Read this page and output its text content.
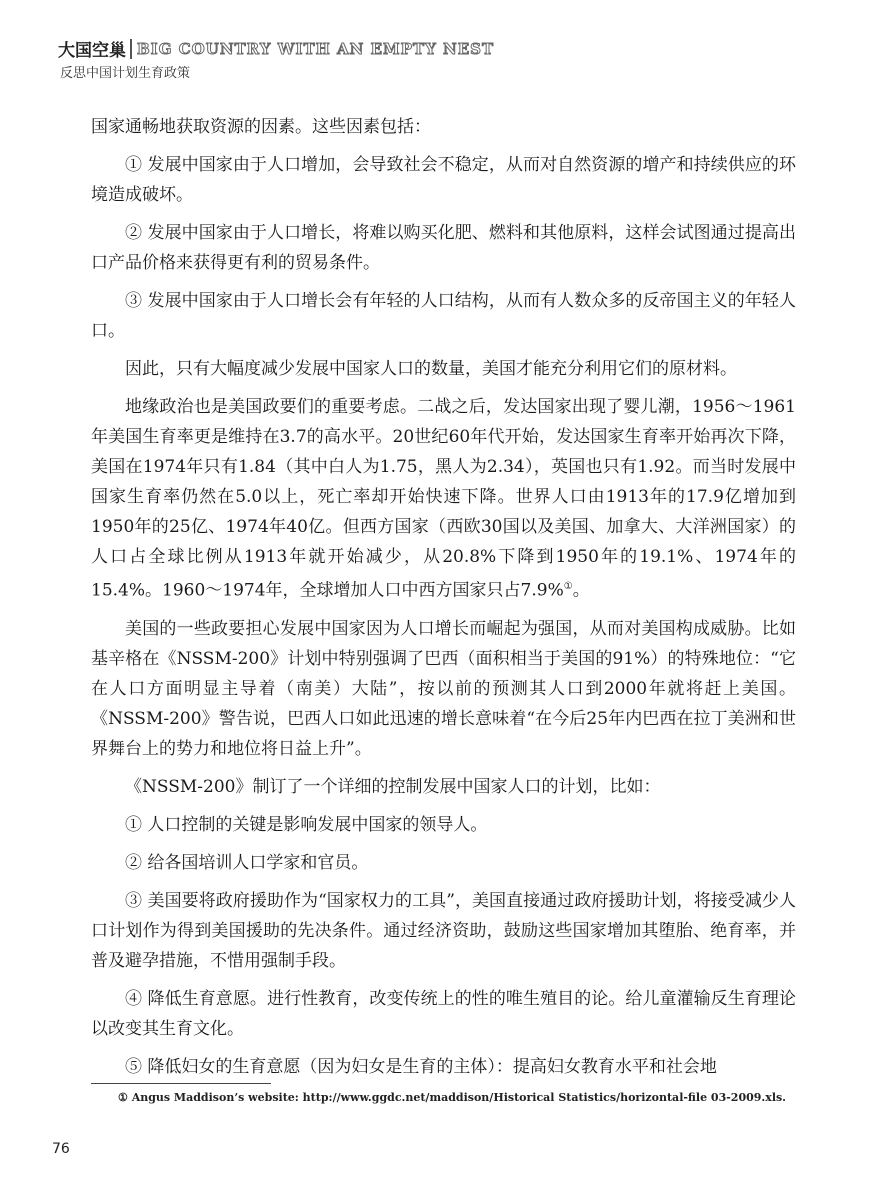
大国空巢 BIG COUNTRY WITH AN EMPTY NEST
反思中国计划生育政策

国家通畅地获取资源的因素。这些因素包括：

① 发展中国家由于人口增加，会导致社会不稳定，从而对自然资源的增产和持续供应的环境造成破坏。

② 发展中国家由于人口增长，将难以购买化肥、燃料和其他原料，这样会试图通过提高出口产品价格来获得更有利的贸易条件。

③ 发展中国家由于人口增长会有年轻的人口结构，从而有人数众多的反帝国主义的年轻人口。

因此，只有大幅度减少发展中国家人口的数量，美国才能充分利用它们的原材料。

地缘政治也是美国政要们的重要考虑。二战之后，发达国家出现了婴儿潮，1956～1961年美国生育率更是维持在3.7的高水平。20世纪60年代开始，发达国家生育率开始再次下降，美国在1974年只有1.84（其中白人为1.75，黑人为2.34），英国也只有1.92。而当时发展中国家生育率仍然在5.0以上，死亡率却开始快速下降。世界人口由1913年的17.9亿增加到1950年的25亿、1974年40亿。但西方国家（西欧30国以及美国、加拿大、大洋洲国家）的人口占全球比例从1913年就开始减少，从20.8%下降到1950年的19.1%、1974年的15.4%。1960～1974年，全球增加人口中西方国家只占7.9%①。

美国的一些政要担心发展中国家因为人口增长而崛起为强国，从而对美国构成威胁。比如基辛格在《NSSM-200》计划中特别强调了巴西（面积相当于美国的91%）的特殊地位：“它在人口方面明显主导着（南美）大陆”，按以前的预测其人口到2000年就将赶上美国。《NSSM-200》警告说，巴西人口如此迅速的增长意味着“在今后25年内巴西在拉丁美洲和世界舞台上的势力和地位将日益上升”。

《NSSM-200》制订了一个详细的控制发展中国家人口的计划，比如：

① 人口控制的关键是影响发展中国家的领导人。

② 给各国培训人口学家和官员。

③ 美国要将政府援助作为“国家权力的工具”，美国直接通过政府援助计划，将接受减少人口计划作为得到美国援助的先决条件。通过经济资助，鼓励这些国家增加其堕胎、绝育率，并普及避孕措施，不惜用强制手段。

④ 降低生育意愿。进行性教育，改变传统上的性的唯生殖目的论。给儿童灌输反生育理论以改变其生育文化。

⑤ 降低妇女的生育意愿（因为妇女是生育的主体）：提高妇女教育水平和社会地

① Angus Maddison’s website: http://www.ggdc.net/maddison/Historical Statistics/horizontal-file 03-2009.xls.
76
